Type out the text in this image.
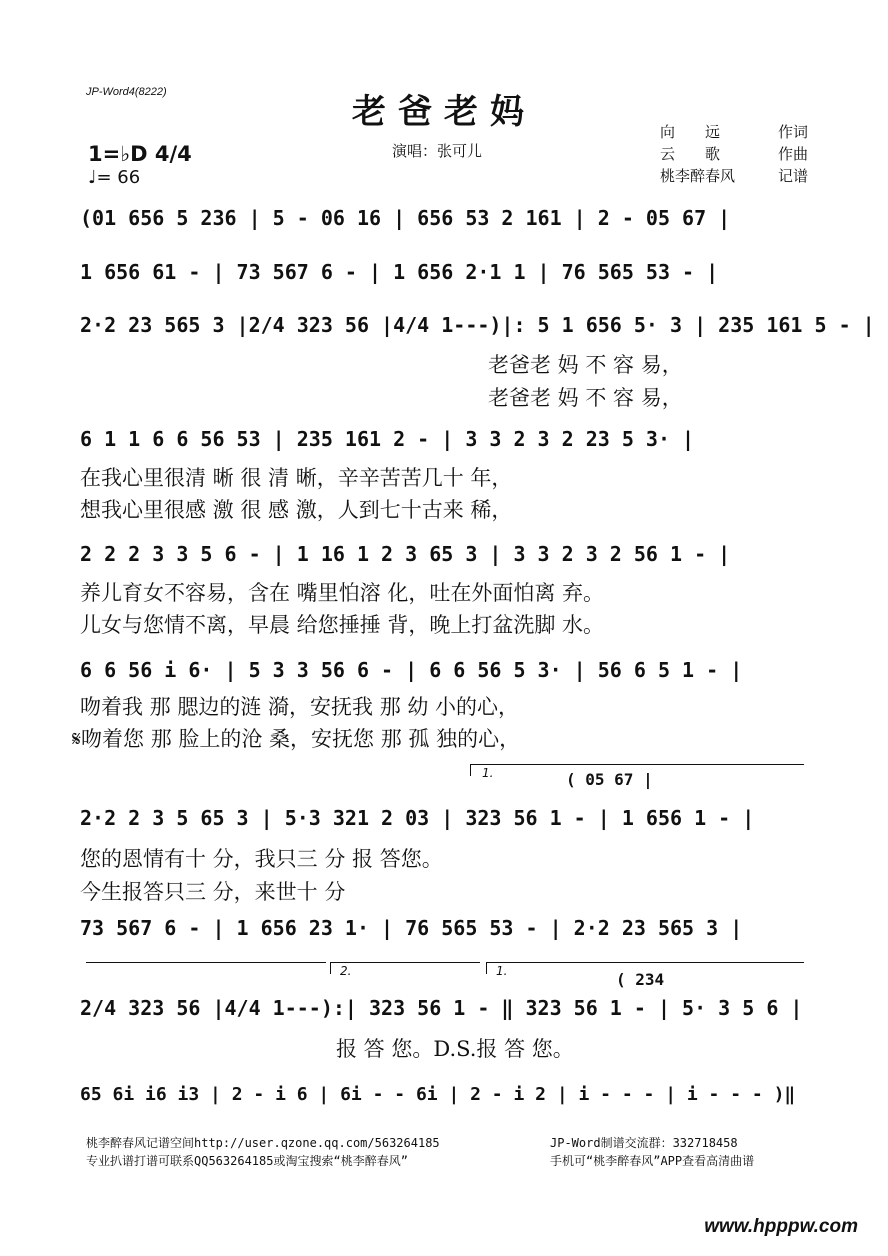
JP-Word4(8222)	老爸老妈
演唱：张可儿
向　　远	作词
云　　歌	作曲
桃李醉春风	记谱
1=♭D 4/4
♩= 66
(01 656 5 236 | 5 - 06 16 | 656 53 2 161 | 2 - 05 67 |
1 656 61 - | 73 567 6 - | 1 656 2·1 1 | 76 565 53 - |
2·2 23 565 3 |2/4 323 56 |4/4 1---)|: 5 1 656 5· 3 | 235 161 5 - |
老爸老 妈 不 容 易，
老爸老 妈 不 容 易，
6 1 1 6 6 56 53 | 235 161 2 - | 3 3 2 3 2 23 5 3· |
在我心里很清 晰 很 清 晰，辛辛苦苦几十 年，
想我心里很感 激 很 感 激，人到七十古来 稀，
2 2 2 3 3 5 6 - | 1 16 1 2 3 65 3 | 3 3 2 3 2 56 1 - |
养儿育女不容易，含在 嘴里怕溶 化，吐在外面怕离 弃。
儿女与您情不离，早晨 给您捶捶 背，晚上打盆洗脚 水。
6 6 56 i 6· | 5 3 3 56 6 - | 6 6 56 5 3· | 56 6 5 1 - |
吻着我 那 腮边的涟 漪，安抚我 那 幼 小的心，
𝄋吻着您 那 脸上的沧 桑，安抚您 那 孤 独的心，
1.	( 05 67 |
2·2 2 3 5 65 3 | 5·3 321 2 03 | 323 56 1 - | 1 656 1 - |
您的恩情有十 分，我只三 分 报 答您。
今生报答只三 分，来世十 分
73 567 6 - | 1 656 23 1· | 76 565 53 - | 2·2 23 565 3 |
2.	1.	( 234
2/4 323 56 |4/4 1---):| 323 56 1 - ‖ 323 56 1 - | 5· 3 5 6 |
报 答 您。D.S.报 答 您。
65 6i i6 i3 | 2 - i 6 | 6i - - 6i | 2 - i 2 | i - - - | i - - - )‖
桃李醉春风记谱空间http://user.qzone.qq.com/563264185
专业扒谱打谱可联系QQ563264185或淘宝搜索“桃李醉春风”
JP-Word制谱交流群：332718458
手机可“桃李醉春风”APP查看高清曲谱
www.hpppw.com
